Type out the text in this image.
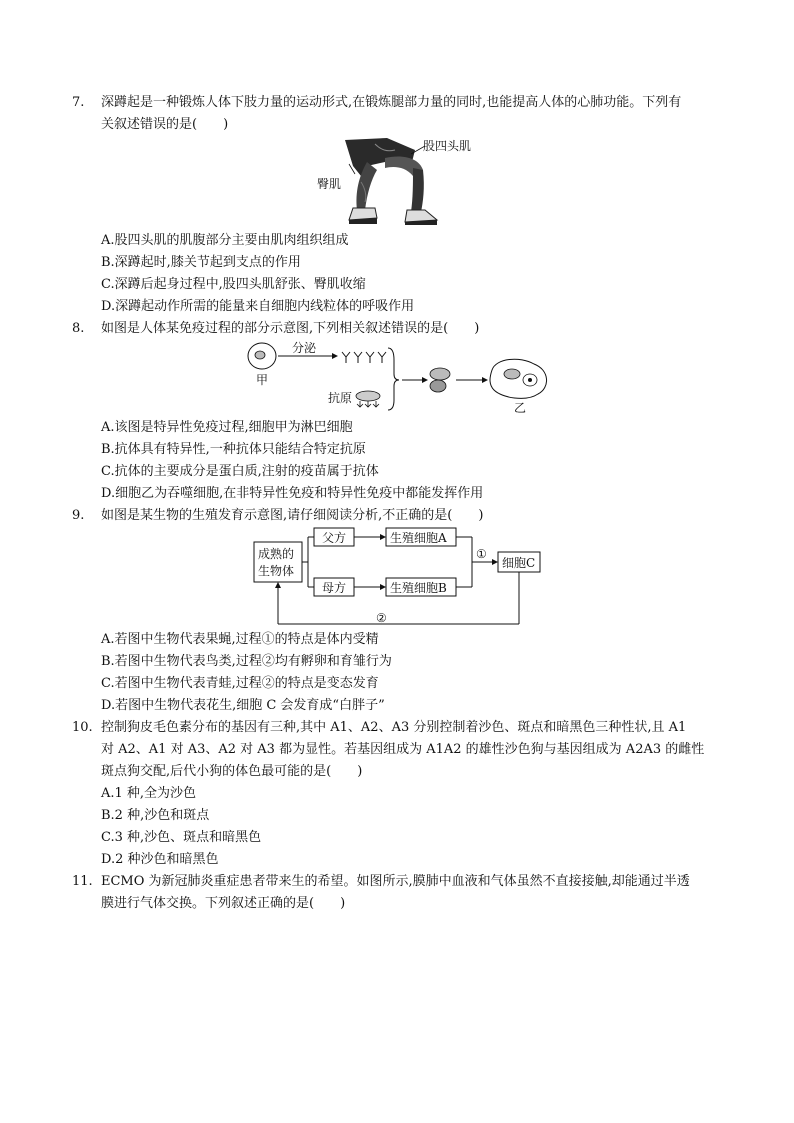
7. 深蹲起是一种锻炼人体下肢力量的运动形式,在锻炼腿部力量的同时,也能提高人体的心肺功能。下列有
关叙述错误的是(　　)
股四头肌
臀肌
A.股四头肌的肌腹部分主要由肌肉组织组成
B.深蹲起时,膝关节起到支点的作用
C.深蹲后起身过程中,股四头肌舒张、臀肌收缩
D.深蹲起动作所需的能量来自细胞内线粒体的呼吸作用
8. 如图是人体某免疫过程的部分示意图,下列相关叙述错误的是(　　)
甲
分泌
抗原
乙
A.该图是特异性免疫过程,细胞甲为淋巴细胞
B.抗体具有特异性,一种抗体只能结合特定抗原
C.抗体的主要成分是蛋白质,注射的疫苗属于抗体
D.细胞乙为吞噬细胞,在非特异性免疫和特异性免疫中都能发挥作用
9. 如图是某生物的生殖发育示意图,请仔细阅读分析,不正确的是(　　)
成熟的
生物体
父方
母方
生殖细胞A
生殖细胞B
细胞C
①
②
A.若图中生物代表果蝇,过程①的特点是体内受精
B.若图中生物代表鸟类,过程②均有孵卵和育雏行为
C.若图中生物代表青蛙,过程②的特点是变态发育
D.若图中生物代表花生,细胞 C 会发育成“白胖子”
10. 控制狗皮毛色素分布的基因有三种,其中 A1、A2、A3 分别控制着沙色、斑点和暗黑色三种性状,且 A1
对 A2、A1 对 A3、A2 对 A3 都为显性。若基因组成为 A1A2 的雄性沙色狗与基因组成为 A2A3 的雌性
斑点狗交配,后代小狗的体色最可能的是(　　)
A.1 种,全为沙色
B.2 种,沙色和斑点
C.3 种,沙色、斑点和暗黑色
D.2 种沙色和暗黑色
11. ECMO 为新冠肺炎重症患者带来生的希望。如图所示,膜肺中血液和气体虽然不直接接触,却能通过半透
膜进行气体交换。下列叙述正确的是(　　)
